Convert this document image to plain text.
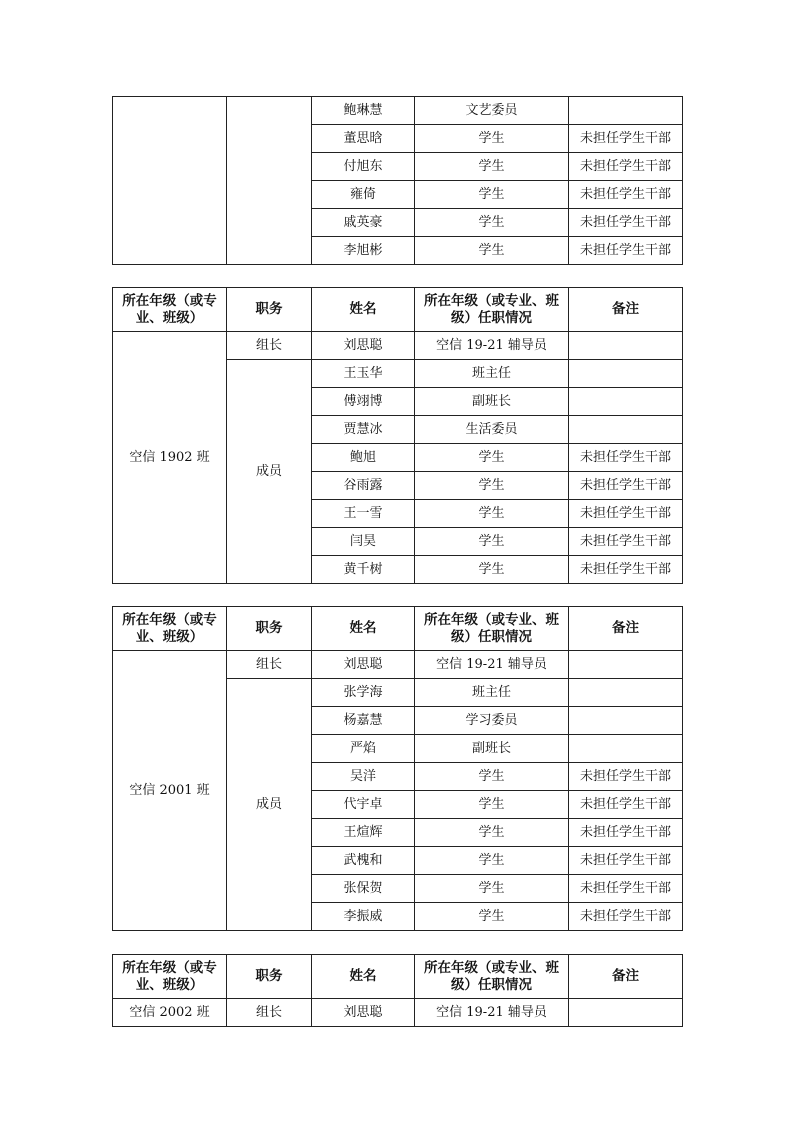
		鲍琳慧	文艺委员	
		董思晗	学生	未担任学生干部
		付旭东	学生	未担任学生干部
		雍倚	学生	未担任学生干部
		戚英豪	学生	未担任学生干部
		李旭彬	学生	未担任学生干部
所在年级（或专业、班级）	职务	姓名	所在年级（或专业、班级）任职情况	备注
空信 1902 班	组长	刘思聪	空信 19-21 辅导员	
	成员	王玉华	班主任	
		傅翊博	副班长	
		贾慧冰	生活委员	
		鲍旭	学生	未担任学生干部
		谷雨露	学生	未担任学生干部
		王一雪	学生	未担任学生干部
		闫昊	学生	未担任学生干部
		黄千树	学生	未担任学生干部
所在年级（或专业、班级）	职务	姓名	所在年级（或专业、班级）任职情况	备注
空信 2001 班	组长	刘思聪	空信 19-21 辅导员	
	成员	张学海	班主任	
		杨嘉慧	学习委员	
		严焰	副班长	
		吴洋	学生	未担任学生干部
		代宇卓	学生	未担任学生干部
		王煊辉	学生	未担任学生干部
		武槐和	学生	未担任学生干部
		张保贺	学生	未担任学生干部
		李振威	学生	未担任学生干部
所在年级（或专业、班级）	职务	姓名	所在年级（或专业、班级）任职情况	备注
空信 2002 班	组长	刘思聪	空信 19-21 辅导员	
